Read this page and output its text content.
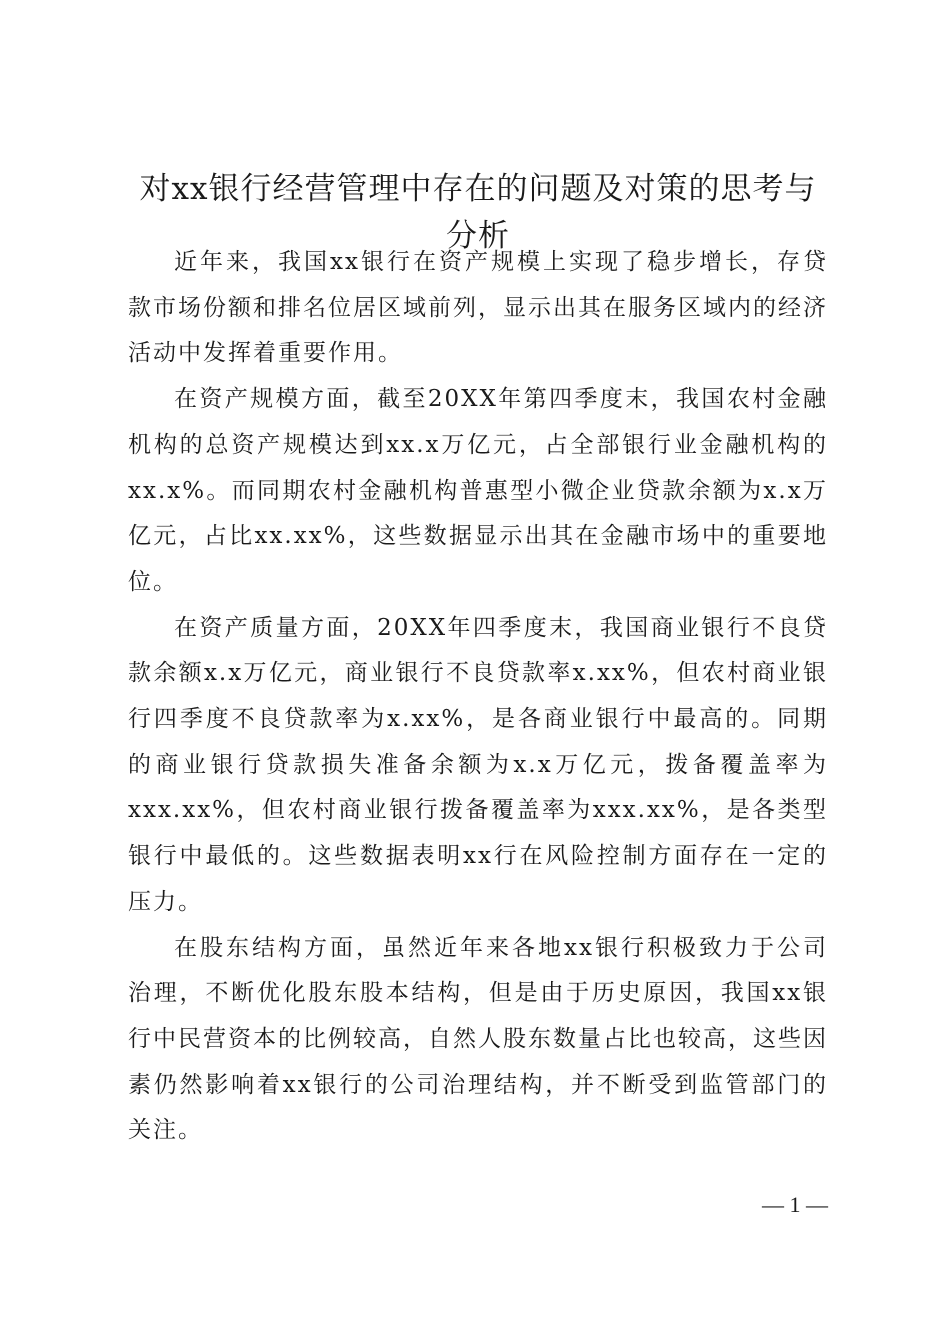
对xx银行经营管理中存在的问题及对策的思考与分析

近年来，我国xx银行在资产规模上实现了稳步增长，存贷款市场份额和排名位居区域前列，显示出其在服务区域内的经济活动中发挥着重要作用。

在资产规模方面，截至20XX年第四季度末，我国农村金融机构的总资产规模达到xx.x万亿元，占全部银行业金融机构的xx.x%。而同期农村金融机构普惠型小微企业贷款余额为x.x万亿元，占比xx.xx%，这些数据显示出其在金融市场中的重要地位。

在资产质量方面，20XX年四季度末，我国商业银行不良贷款余额x.x万亿元，商业银行不良贷款率x.xx%，但农村商业银行四季度不良贷款率为x.xx%，是各商业银行中最高的。同期的商业银行贷款损失准备余额为x.x万亿元，拨备覆盖率为xxx.xx%，但农村商业银行拨备覆盖率为xxx.xx%，是各类型银行中最低的。这些数据表明xx行在风险控制方面存在一定的压力。

在股东结构方面，虽然近年来各地xx银行积极致力于公司治理，不断优化股东股本结构，但是由于历史原因，我国xx银行中民营资本的比例较高，自然人股东数量占比也较高，这些因素仍然影响着xx银行的公司治理结构，并不断受到监管部门的关注。

— 1 —
